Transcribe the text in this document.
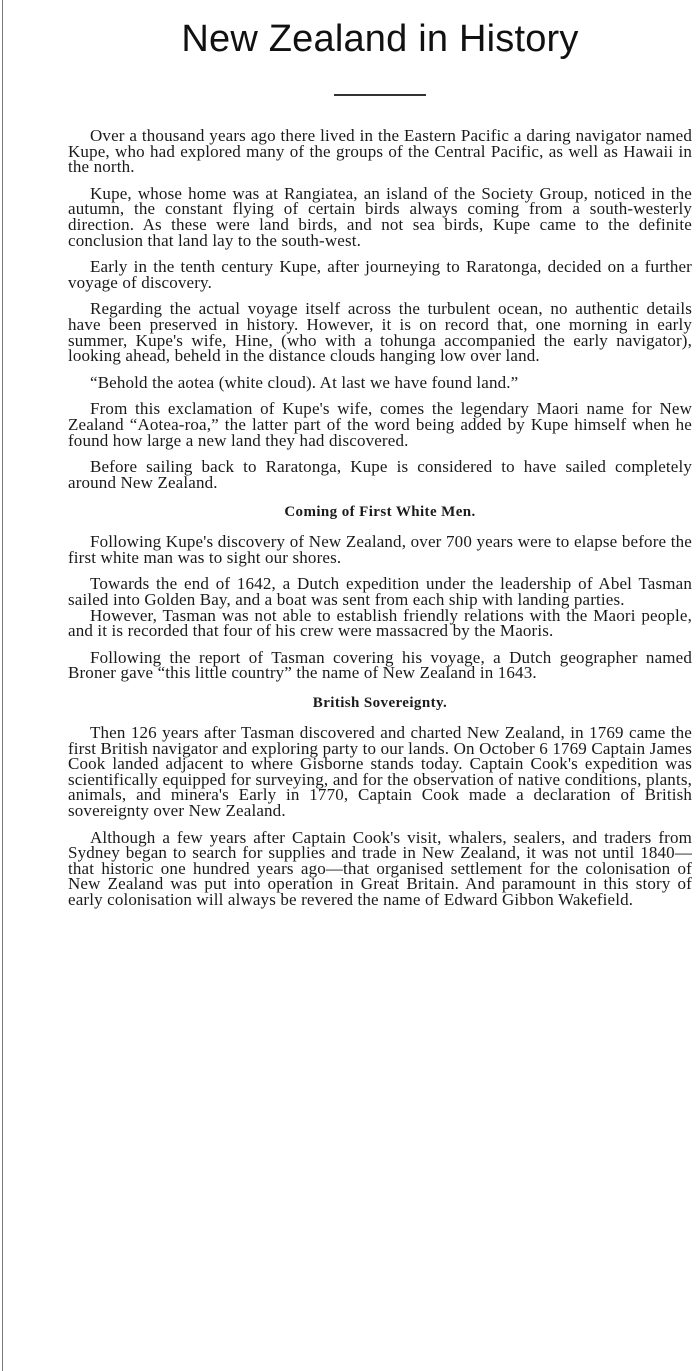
New Zealand in History

Over a thousand years ago there lived in the Eastern Pacific a daring navigator named Kupe, who had explored many of the groups of the Central Pacific, as well as Hawaii in the north.

Kupe, whose home was at Rangiatea, an island of the Society Group, noticed in the autumn, the constant flying of certain birds always coming from a south-westerly direction. As these were land birds, and not sea birds, Kupe came to the definite conclusion that land lay to the south-west.

Early in the tenth century Kupe, after journeying to Raratonga, decided on a further voyage of discovery.

Regarding the actual voyage itself across the turbulent ocean, no authentic details have been preserved in history. However, it is on record that, one morning in early summer, Kupe's wife, Hine, (who with a tohunga accompanied the early navigator), looking ahead, beheld in the distance clouds hanging low over land.

“Behold the aotea (white cloud). At last we have found land.”

From this exclamation of Kupe's wife, comes the legendary Maori name for New Zealand “Aotea-roa,” the latter part of the word being added by Kupe himself when he found how large a new land they had discovered.

Before sailing back to Raratonga, Kupe is considered to have sailed completely around New Zealand.

Coming of First White Men.

Following Kupe's discovery of New Zealand, over 700 years were to elapse before the first white man was to sight our shores.

Towards the end of 1642, a Dutch expedition under the leadership of Abel Tasman sailed into Golden Bay, and a boat was sent from each ship with landing parties.

However, Tasman was not able to establish friendly relations with the Maori people, and it is recorded that four of his crew were massacred by the Maoris.

Following the report of Tasman covering his voyage, a Dutch geographer named Broner gave “this little country” the name of New Zealand in 1643.

British Sovereignty.

Then 126 years after Tasman discovered and charted New Zealand, in 1769 came the first British navigator and exploring party to our lands. On October 6 1769 Captain James Cook landed adjacent to where Gisborne stands today. Captain Cook's expedition was scientifically equipped for surveying, and for the observation of native conditions, plants, animals, and minera's Early in 1770, Captain Cook made a declaration of British sovereignty over New Zealand.

Although a few years after Captain Cook's visit, whalers, sealers, and traders from Sydney began to search for supplies and trade in New Zealand, it was not until 1840—that historic one hundred years ago—that organised settlement for the colonisation of New Zealand was put into operation in Great Britain. And paramount in this story of early colonisation will always be revered the name of Edward Gibbon Wakefield.
